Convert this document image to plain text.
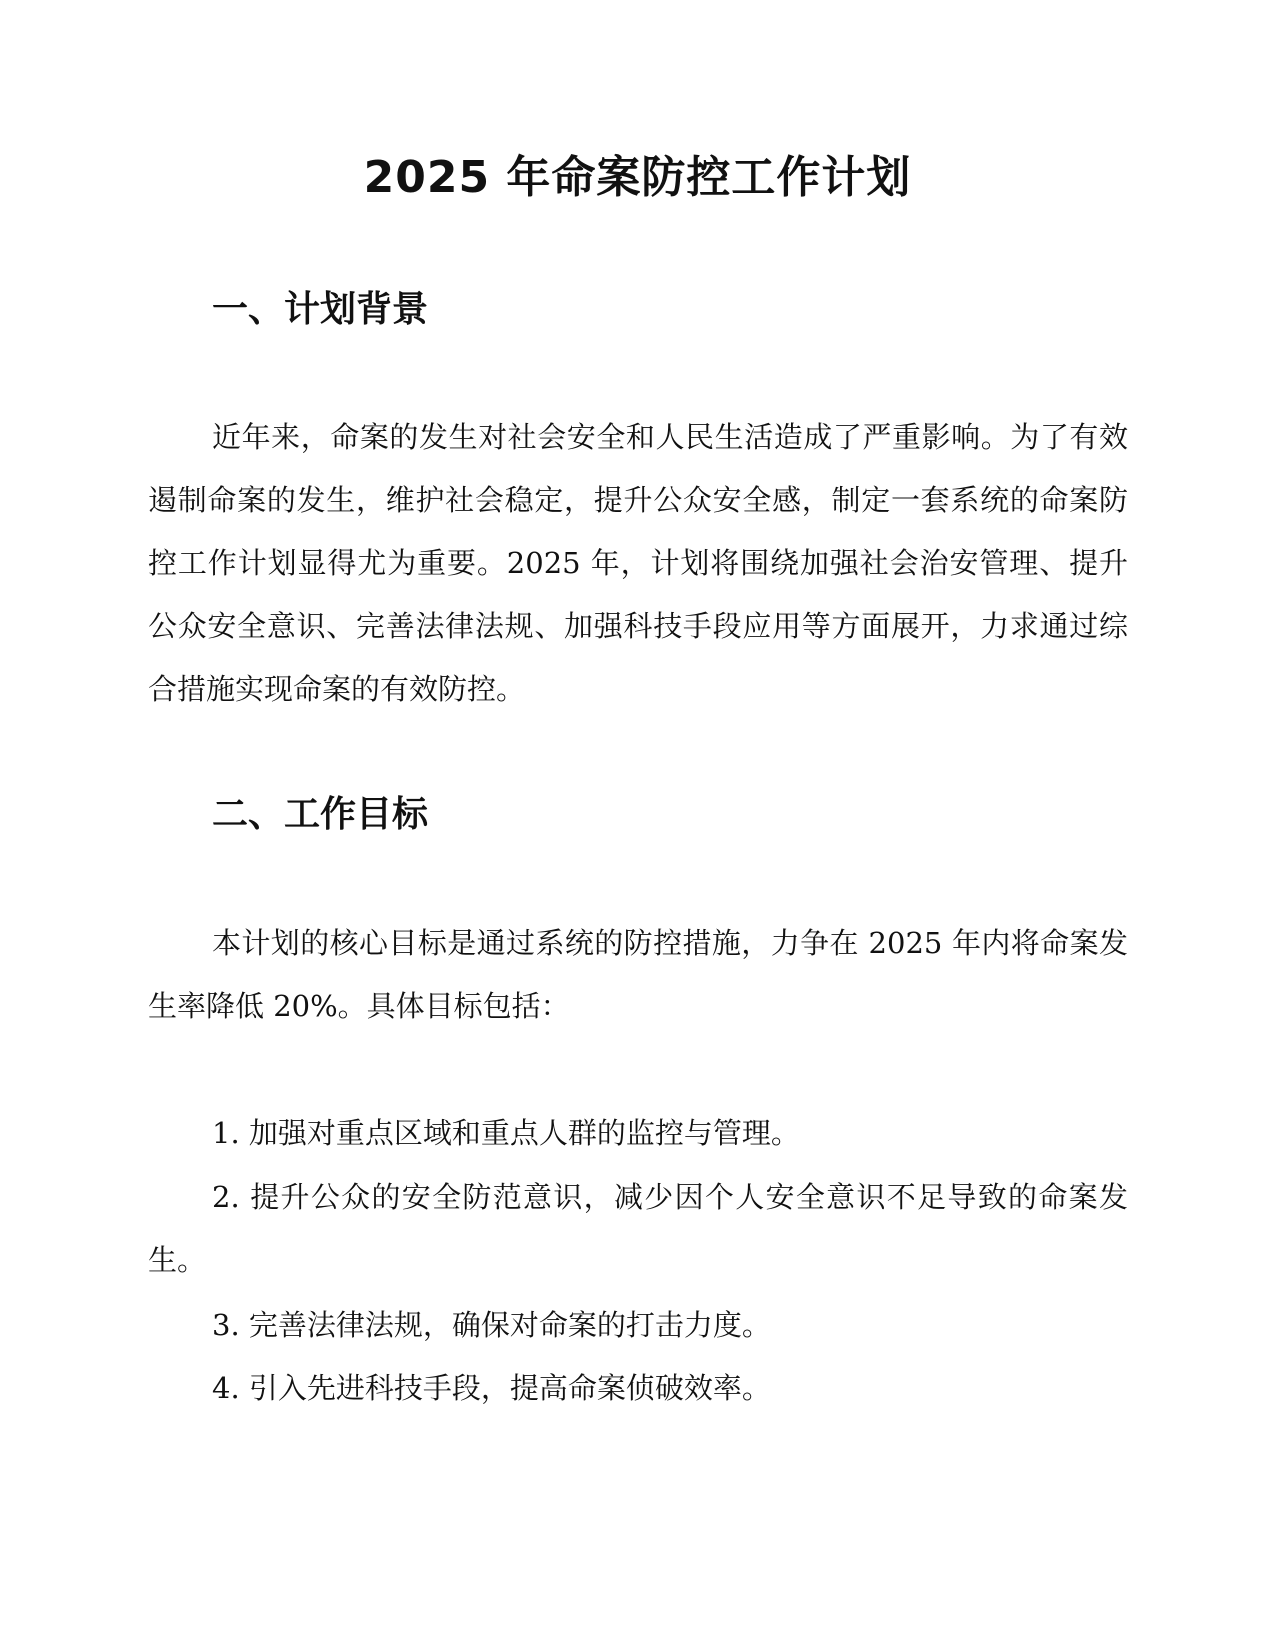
2025 年命案防控工作计划
一、计划背景

近年来，命案的发生对社会安全和人民生活造成了严重影响。为了有效遏制命案的发生，维护社会稳定，提升公众安全感，制定一套系统的命案防控工作计划显得尤为重要。2025 年，计划将围绕加强社会治安管理、提升公众安全意识、完善法律法规、加强科技手段应用等方面展开，力求通过综合措施实现命案的有效防控。

二、工作目标

本计划的核心目标是通过系统的防控措施，力争在 2025 年内将命案发生率降低 20%。具体目标包括：

1. 加强对重点区域和重点人群的监控与管理。

2. 提升公众的安全防范意识，减少因个人安全意识不足导致的命案发生。

3. 完善法律法规，确保对命案的打击力度。

4. 引入先进科技手段，提高命案侦破效率。
